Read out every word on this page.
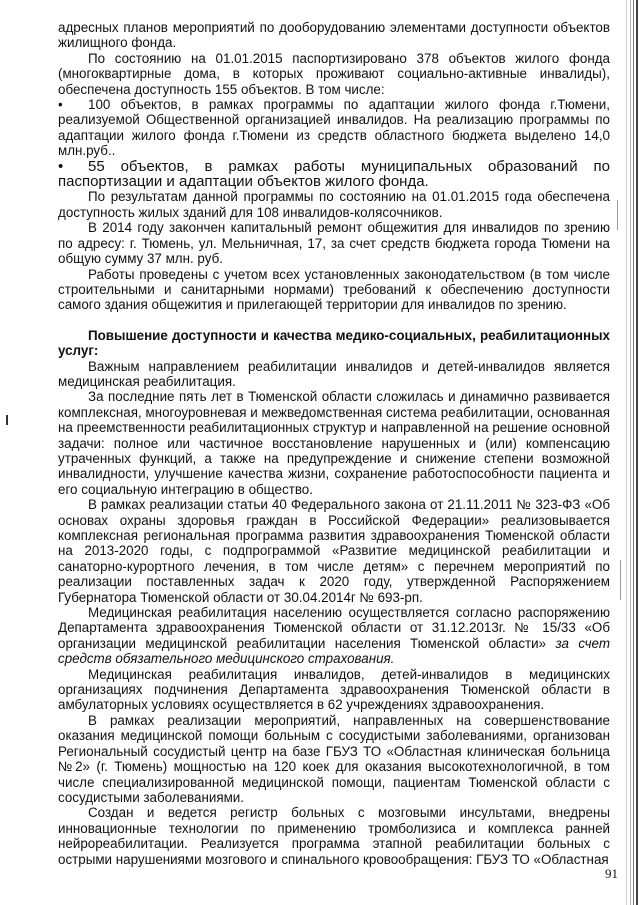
адресных планов мероприятий по дооборудованию элементами доступности объектов жилищного фонда.

По состоянию на 01.01.2015 паспортизировано 378 объектов жилого фонда (многоквартирные дома, в которых проживают социально-активные инвалиды), обеспечена доступность 155 объектов. В том числе:

• 100 объектов, в рамках программы по адаптации жилого фонда г.Тюмени, реализуемой Общественной организацией инвалидов. На реализацию программы по адаптации жилого фонда г.Тюмени из средств областного бюджета выделено 14,0 млн.руб..

• 55 объектов, в рамках работы муниципальных образований по паспортизации и адаптации объектов жилого фонда.

По результатам данной программы по состоянию на 01.01.2015 года обеспечена доступность жилых зданий для 108 инвалидов-колясочников.

В 2014 году закончен капитальный ремонт общежития для инвалидов по зрению по адресу: г. Тюмень, ул. Мельничная, 17, за счет средств бюджета города Тюмени на общую сумму 37 млн. руб.

Работы проведены с учетом всех установленных законодательством (в том числе строительными и санитарными нормами) требований к обеспечению доступности самого здания общежития и прилегающей территории для инвалидов по зрению.

Повышение доступности и качества медико-социальных, реабилитационных услуг:

Важным направлением реабилитации инвалидов и детей-инвалидов является медицинская реабилитация.

За последние пять лет в Тюменской области сложилась и динамично развивается комплексная, многоуровневая и межведомственная система реабилитации, основанная на преемственности реабилитационных структур и направленной на решение основной задачи: полное или частичное восстановление нарушенных и (или) компенсацию утраченных функций, а также на предупреждение и снижение степени возможной инвалидности, улучшение качества жизни, сохранение работоспособности пациента и его социальную интеграцию в общество.

В рамках реализации статьи 40 Федерального закона от 21.11.2011 № 323-ФЗ «Об основах охраны здоровья граждан в Российской Федерации» реализовывается комплексная региональная программа развития здравоохранения Тюменской области на 2013-2020 годы, с подпрограммой «Развитие медицинской реабилитации и санаторно-курортного лечения, в том числе детям» с перечнем мероприятий по реализации поставленных задач к 2020 году, утвержденной Распоряжением Губернатора Тюменской области от 30.04.2014г № 693-рп.

Медицинская реабилитация населению осуществляется согласно распоряжению Департамента здравоохранения Тюменской области от 31.12.2013г. № 15/33 «Об организации медицинской реабилитации населения Тюменской области» за счет средств обязательного медицинского страхования.

Медицинская реабилитация инвалидов, детей-инвалидов в медицинских организациях подчинения Департамента здравоохранения Тюменской области в амбулаторных условиях осуществляется в 62 учреждениях здравоохранения.

В рамках реализации мероприятий, направленных на совершенствование оказания медицинской помощи больным с сосудистыми заболеваниями, организован Региональный сосудистый центр на базе ГБУЗ ТО «Областная клиническая больница №2» (г. Тюмень) мощностью на 120 коек для оказания высокотехнологичной, в том числе специализированной медицинской помощи, пациентам Тюменской области с сосудистыми заболеваниями.

Создан и ведется регистр больных с мозговыми инсультами, внедрены инновационные технологии по применению тромболизиса и комплекса ранней нейрореабилитации. Реализуется программа этапной реабилитации больных с острыми нарушениями мозгового и спинального кровообращения: ГБУЗ ТО «Областная

91
